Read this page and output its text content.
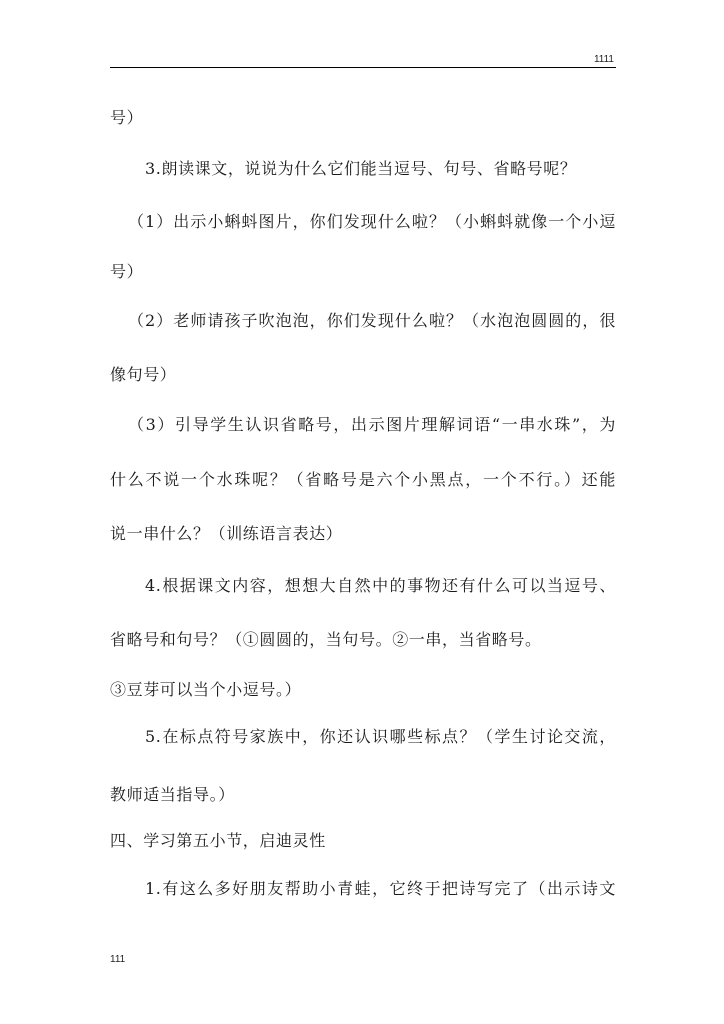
1111
号）
3.朗读课文，说说为什么它们能当逗号、句号、省略号呢？
（1）出示小蝌蚪图片，你们发现什么啦？（小蝌蚪就像一个小逗
号）
（2）老师请孩子吹泡泡，你们发现什么啦？（水泡泡圆圆的，很
像句号）
（3）引导学生认识省略号，出示图片理解词语“一串水珠”，为
什么不说一个水珠呢？（省略号是六个小黑点，一个不行。）还能
说一串什么？（训练语言表达）
4.根据课文内容，想想大自然中的事物还有什么可以当逗号、
省略号和句号？（①圆圆的，当句号。②一串，当省略号。
③豆芽可以当个小逗号。）
5.在标点符号家族中，你还认识哪些标点？（学生讨论交流，
教师适当指导。）
四、学习第五小节，启迪灵性
1.有这么多好朋友帮助小青蛙，它终于把诗写完了（出示诗文
111
